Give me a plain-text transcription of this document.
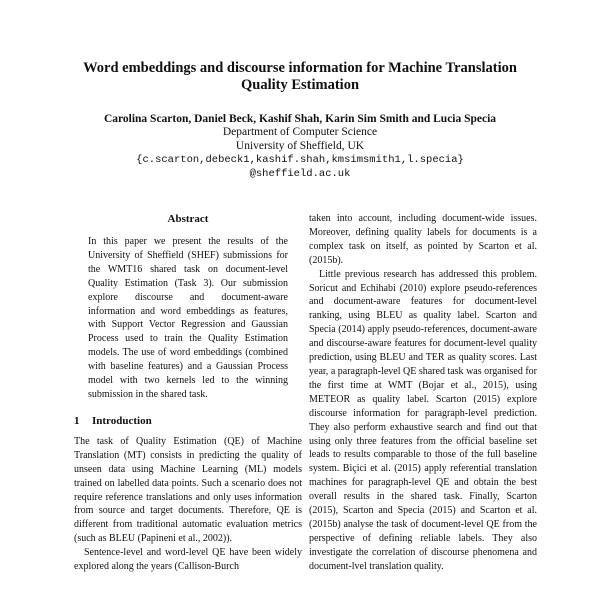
Word embeddings and discourse information for Machine Translation
Quality Estimation
Carolina Scarton, Daniel Beck, Kashif Shah, Karin Sim Smith and Lucia Specia
Department of Computer Science
University of Sheffield, UK
{c.scarton,debeck1,kashif.shah,kmsimsmith1,l.specia}
@sheffield.ac.uk
Abstract

In this paper we present the results of the University of Sheffield (SHEF) submissions for the WMT16 shared task on document-level Quality Estimation (Task 3). Our submission explore discourse and document-aware information and word embeddings as features, with Support Vector Regression and Gaussian Process used to train the Quality Estimation models. The use of word embeddings (combined with baseline features) and a Gaussian Process model with two kernels led to the winning submission in the shared task.

1 Introduction

The task of Quality Estimation (QE) of Machine Translation (MT) consists in predicting the quality of unseen data using Machine Learning (ML) models trained on labelled data points. Such a scenario does not require reference translations and only uses information from source and target documents. Therefore, QE is different from traditional automatic evaluation metrics (such as BLEU (Papineni et al., 2002)).

Sentence-level and word-level QE have been widely explored along the years (Callison-Burch

taken into account, including document-wide issues. Moreover, defining quality labels for documents is a complex task on itself, as pointed by Scarton et al. (2015b).

Little previous research has addressed this problem. Soricut and Echihabi (2010) explore pseudo-references and document-aware features for document-level ranking, using BLEU as quality label. Scarton and Specia (2014) apply pseudo-references, document-aware and discourse-aware features for document-level quality prediction, using BLEU and TER as quality scores. Last year, a paragraph-level QE shared task was organised for the first time at WMT (Bojar et al., 2015), using METEOR as quality label. Scarton (2015) explore discourse information for paragraph-level prediction. They also perform exhaustive search and find out that using only three features from the official baseline set leads to results comparable to those of the full baseline system. Biçici et al. (2015) apply referential translation machines for paragraph-level QE and obtain the best overall results in the shared task. Finally, Scarton (2015), Scarton and Specia (2015) and Scarton et al. (2015b) analyse the task of document-level QE from the perspective of defining reliable labels. They also investigate the correlation of discourse phenomena and document-lvel translation quality.
